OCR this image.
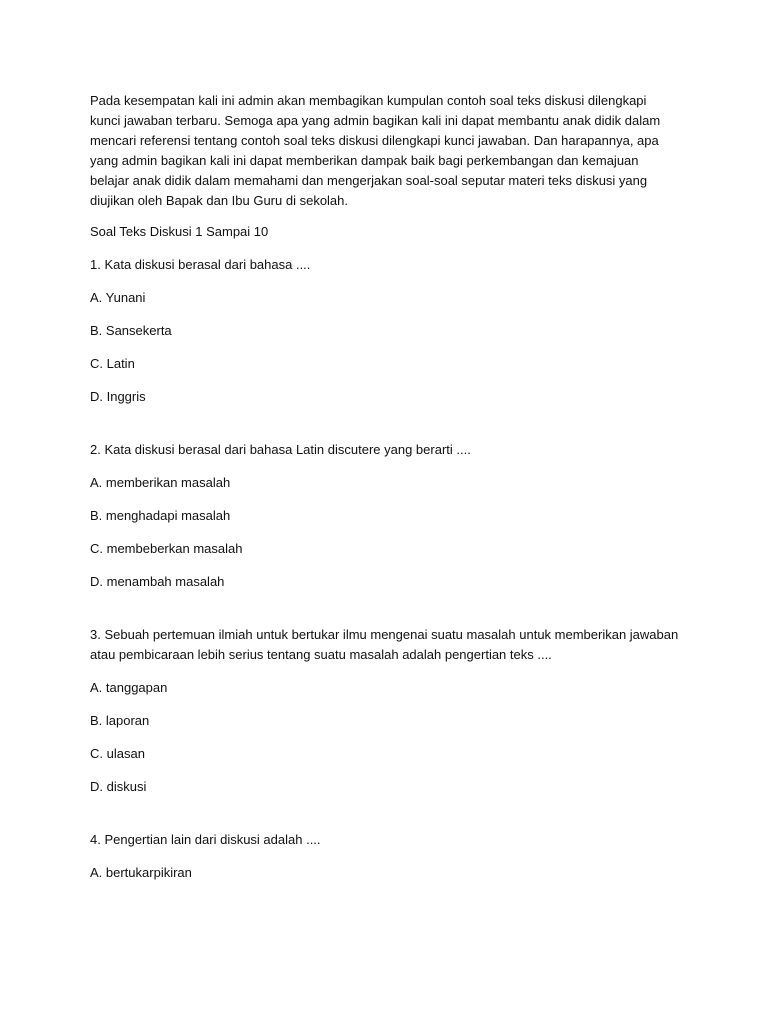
Pada kesempatan kali ini admin akan membagikan kumpulan contoh soal teks diskusi dilengkapi kunci jawaban terbaru. Semoga apa yang admin bagikan kali ini dapat membantu anak didik dalam mencari referensi tentang contoh soal teks diskusi dilengkapi kunci jawaban. Dan harapannya, apa yang admin bagikan kali ini dapat memberikan dampak baik bagi perkembangan dan kemajuan belajar anak didik dalam memahami dan mengerjakan soal-soal seputar materi teks diskusi yang diujikan oleh Bapak dan Ibu Guru di sekolah.

Soal Teks Diskusi 1 Sampai 10

1. Kata diskusi berasal dari bahasa ....

A. Yunani
B. Sansekerta
C. Latin
D. Inggris

2. Kata diskusi berasal dari bahasa Latin discutere yang berarti ....

A. memberikan masalah
B. menghadapi masalah
C. membeberkan masalah
D. menambah masalah

3. Sebuah pertemuan ilmiah untuk bertukar ilmu mengenai suatu masalah untuk memberikan jawaban atau pembicaraan lebih serius tentang suatu masalah adalah pengertian teks ....

A. tanggapan
B. laporan
C. ulasan
D. diskusi

4. Pengertian lain dari diskusi adalah ....

A. bertukarpikiran
